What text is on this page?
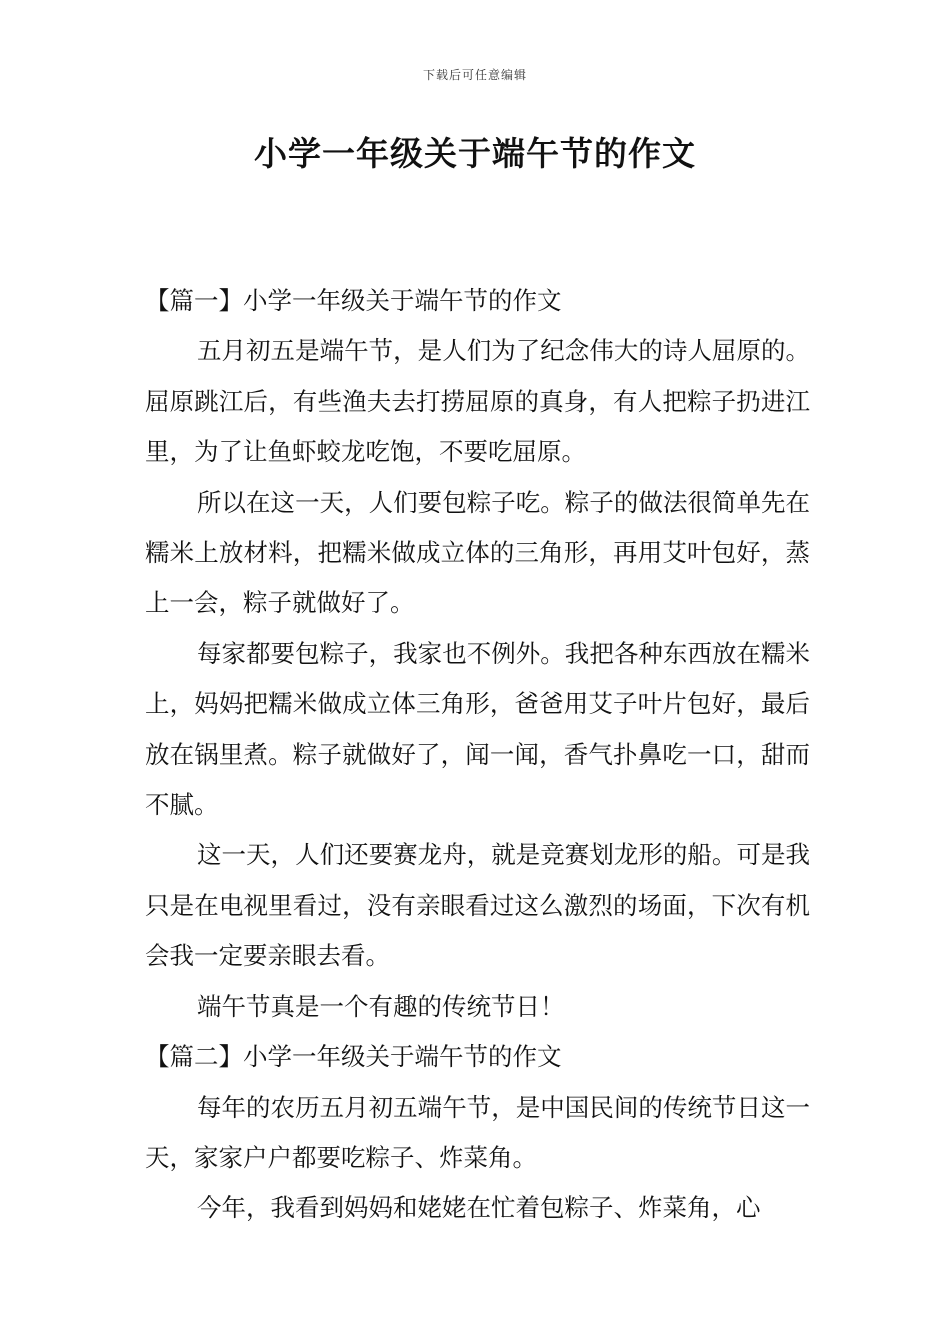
下载后可任意编辑
小学一年级关于端午节的作文
【篇一】小学一年级关于端午节的作文

五月初五是端午节，是人们为了纪念伟大的诗人屈原的。屈原跳江后，有些渔夫去打捞屈原的真身，有人把粽子扔进江里，为了让鱼虾蛟龙吃饱，不要吃屈原。

所以在这一天，人们要包粽子吃。粽子的做法很简单先在糯米上放材料，把糯米做成立体的三角形，再用艾叶包好，蒸上一会，粽子就做好了。

每家都要包粽子，我家也不例外。我把各种东西放在糯米上，妈妈把糯米做成立体三角形，爸爸用艾子叶片包好，最后放在锅里煮。粽子就做好了，闻一闻，香气扑鼻吃一口，甜而不腻。

这一天，人们还要赛龙舟，就是竞赛划龙形的船。可是我只是在电视里看过，没有亲眼看过这么激烈的场面，下次有机会我一定要亲眼去看。

端午节真是一个有趣的传统节日！

【篇二】小学一年级关于端午节的作文

每年的农历五月初五端午节，是中国民间的传统节日这一天，家家户户都要吃粽子、炸菜角。

今年，我看到妈妈和姥姥在忙着包粽子、炸菜角，心
